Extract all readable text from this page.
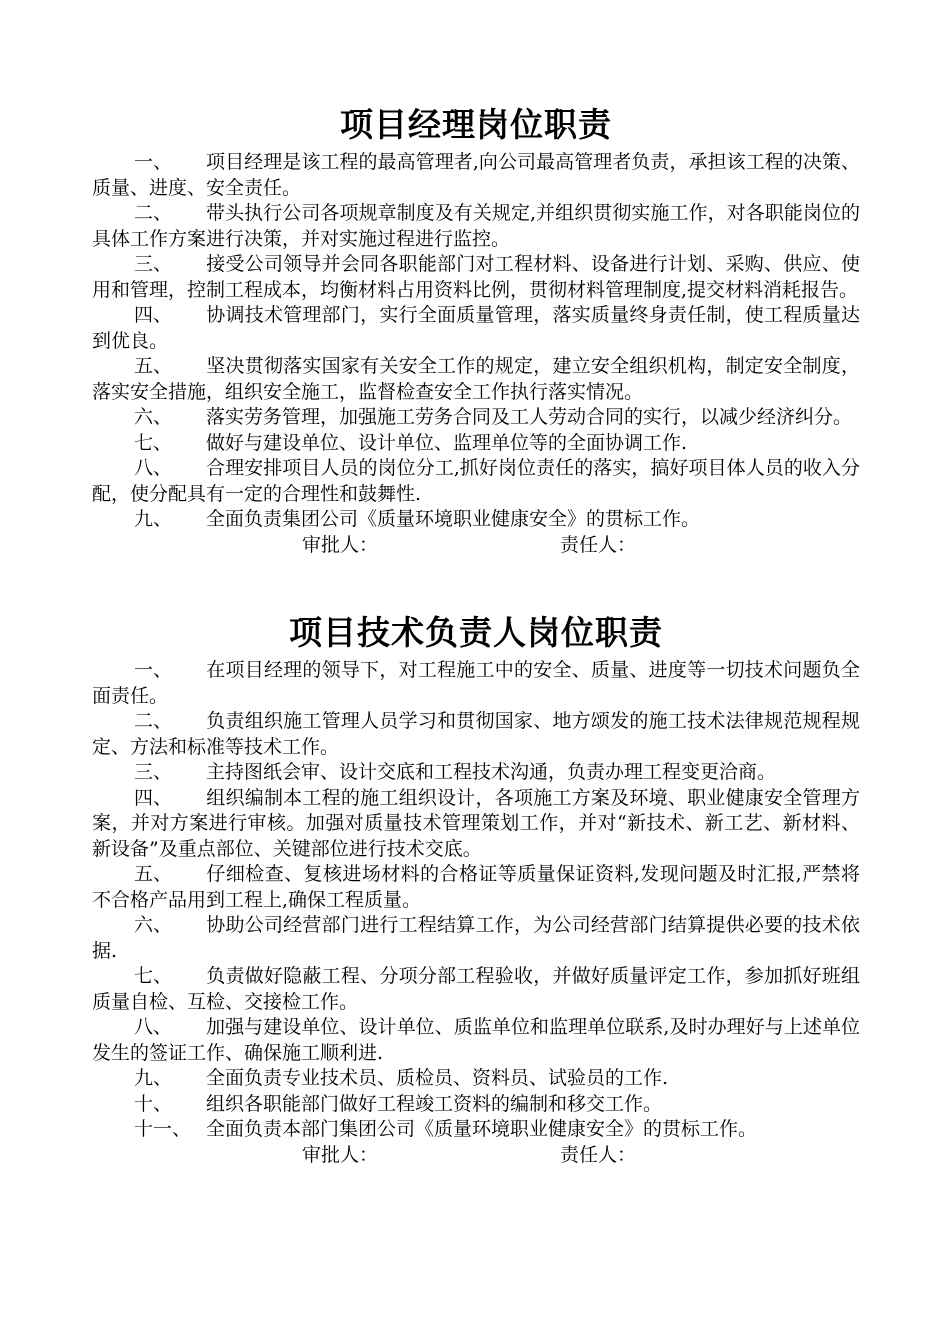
项目经理岗位职责

一、 项目经理是该工程的最高管理者,向公司最高管理者负责，承担该工程的决策、质量、进度、安全责任。

二、 带头执行公司各项规章制度及有关规定,并组织贯彻实施工作，对各职能岗位的具体工作方案进行决策，并对实施过程进行监控。

三、 接受公司领导并会同各职能部门对工程材料、设备进行计划、采购、供应、使用和管理，控制工程成本，均衡材料占用资料比例，贯彻材料管理制度,提交材料消耗报告。

四、 协调技术管理部门，实行全面质量管理，落实质量终身责任制，使工程质量达到优良。

五、 坚决贯彻落实国家有关安全工作的规定，建立安全组织机构，制定安全制度，落实安全措施，组织安全施工，监督检查安全工作执行落实情况。

六、 落实劳务管理，加强施工劳务合同及工人劳动合同的实行，以减少经济纠分。

七、 做好与建设单位、设计单位、监理单位等的全面协调工作.

八、 合理安排项目人员的岗位分工,抓好岗位责任的落实，搞好项目体人员的收入分配，使分配具有一定的合理性和鼓舞性.

九、 全面负责集团公司《质量环境职业健康安全》的贯标工作。

审批人：	责任人：
项目技术负责人岗位职责

一、 在项目经理的领导下，对工程施工中的安全、质量、进度等一切技术问题负全面责任。

二、 负责组织施工管理人员学习和贯彻国家、地方颂发的施工技术法律规范规程规定、方法和标准等技术工作。

三、 主持图纸会审、设计交底和工程技术沟通，负责办理工程变更洽商。

四、 组织编制本工程的施工组织设计，各项施工方案及环境、职业健康安全管理方案，并对方案进行审核。加强对质量技术管理策划工作，并对“新技术、新工艺、新材料、新设备”及重点部位、关键部位进行技术交底。

五、 仔细检查、复核进场材料的合格证等质量保证资料,发现问题及时汇报,严禁将不合格产品用到工程上,确保工程质量。

六、 协助公司经营部门进行工程结算工作，为公司经营部门结算提供必要的技术依据.

七、 负责做好隐蔽工程、分项分部工程验收，并做好质量评定工作，参加抓好班组质量自检、互检、交接检工作。

八、 加强与建设单位、设计单位、质监单位和监理单位联系,及时办理好与上述单位发生的签证工作、确保施工顺利进.

九、 全面负责专业技术员、质检员、资料员、试验员的工作.

十、 组织各职能部门做好工程竣工资料的编制和移交工作。

十一、 全面负责本部门集团公司《质量环境职业健康安全》的贯标工作。

审批人：	责任人：
